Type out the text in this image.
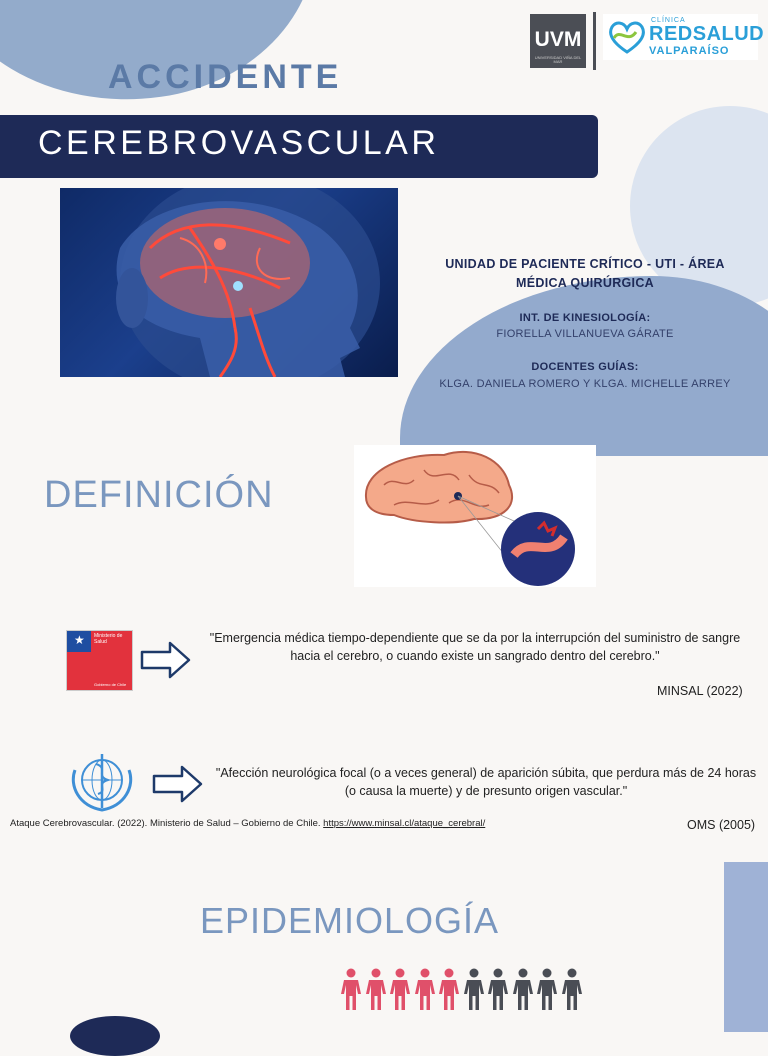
UVM
UNIVERSIDAD VIÑA DEL MAR
CLÍNICA
REDSALUD
VALPARAÍSO
ACCIDENTE
CEREBROVASCULAR
UNIDAD DE PACIENTE CRÍTICO - UTI - ÁREA MÉDICA QUIRÚRGICA
INT. DE KINESIOLOGÍA:
FIORELLA VILLANUEVA GÁRATE
DOCENTES GUÍAS:
KLGA. DANIELA ROMERO Y KLGA. MICHELLE ARREY
DEFINICIÓN
★ Ministerio de
Salud
Gobierno de Chile
"Emergencia médica tiempo-dependiente que se da por la interrupción del suministro de sangre hacia el cerebro, o cuando existe un sangrado dentro del cerebro."
MINSAL (2022)
"Afección neurológica focal (o a veces general) de aparición súbita, que perdura más de 24 horas (o causa la muerte) y de presunto origen vascular."
Ataque Cerebrovascular. (2022). Ministerio de Salud – Gobierno de Chile. https://www.minsal.cl/ataque_cerebral/	OMS (2005)
EPIDEMIOLOGÍA
